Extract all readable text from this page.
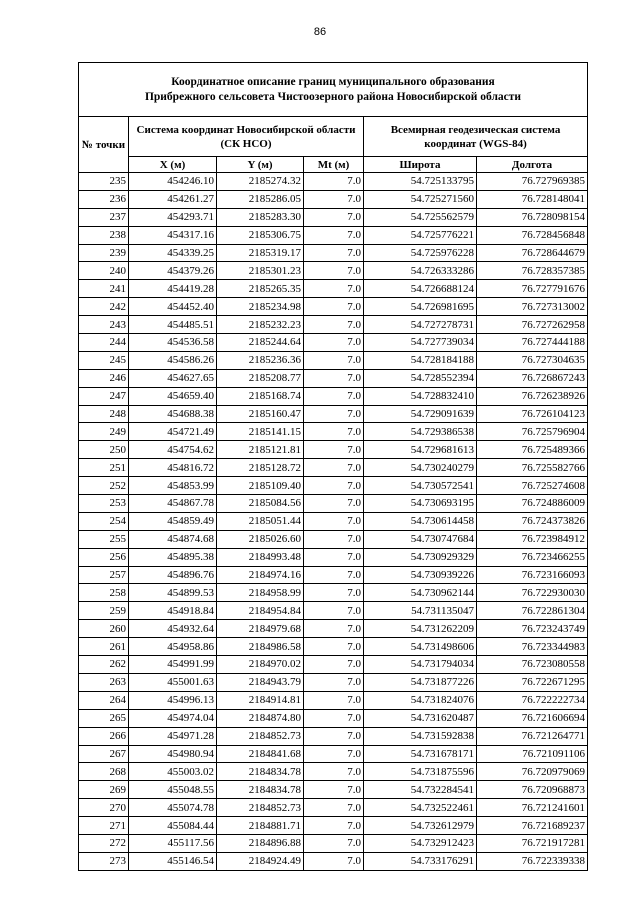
86
Координатное описание границ муниципального образования
Прибрежного сельсовета Чистоозерного района Новосибирской области					

№ точки	Система координат Новосибирской области (СК НСО)			Всемирная геодезическая система координат (WGS-84)	
	X (м)	Y (м)	Mt (м)	Широта	Долгота
235	454246.10	2185274.32	7.0	54.725133795	76.727969385
236	454261.27	2185286.05	7.0	54.725271560	76.728148041
237	454293.71	2185283.30	7.0	54.725562579	76.728098154
238	454317.16	2185306.75	7.0	54.725776221	76.728456848
239	454339.25	2185319.17	7.0	54.725976228	76.728644679
240	454379.26	2185301.23	7.0	54.726333286	76.728357385
241	454419.28	2185265.35	7.0	54.726688124	76.727791676
242	454452.40	2185234.98	7.0	54.726981695	76.727313002
243	454485.51	2185232.23	7.0	54.727278731	76.727262958
244	454536.58	2185244.64	7.0	54.727739034	76.727444188
245	454586.26	2185236.36	7.0	54.728184188	76.727304635
246	454627.65	2185208.77	7.0	54.728552394	76.726867243
247	454659.40	2185168.74	7.0	54.728832410	76.726238926
248	454688.38	2185160.47	7.0	54.729091639	76.726104123
249	454721.49	2185141.15	7.0	54.729386538	76.725796904
250	454754.62	2185121.81	7.0	54.729681613	76.725489366
251	454816.72	2185128.72	7.0	54.730240279	76.725582766
252	454853.99	2185109.40	7.0	54.730572541	76.725274608
253	454867.78	2185084.56	7.0	54.730693195	76.724886009
254	454859.49	2185051.44	7.0	54.730614458	76.724373826
255	454874.68	2185026.60	7.0	54.730747684	76.723984912
256	454895.38	2184993.48	7.0	54.730929329	76.723466255
257	454896.76	2184974.16	7.0	54.730939226	76.723166093
258	454899.53	2184958.99	7.0	54.730962144	76.722930030
259	454918.84	2184954.84	7.0	54.731135047	76.722861304
260	454932.64	2184979.68	7.0	54.731262209	76.723243749
261	454958.86	2184986.58	7.0	54.731498606	76.723344983
262	454991.99	2184970.02	7.0	54.731794034	76.723080558
263	455001.63	2184943.79	7.0	54.731877226	76.722671295
264	454996.13	2184914.81	7.0	54.731824076	76.722222734
265	454974.04	2184874.80	7.0	54.731620487	76.721606694
266	454971.28	2184852.73	7.0	54.731592838	76.721264771
267	454980.94	2184841.68	7.0	54.731678171	76.721091106
268	455003.02	2184834.78	7.0	54.731875596	76.720979069
269	455048.55	2184834.78	7.0	54.732284541	76.720968873
270	455074.78	2184852.73	7.0	54.732522461	76.721241601
271	455084.44	2184881.71	7.0	54.732612979	76.721689237
272	455117.56	2184896.88	7.0	54.732912423	76.721917281
273	455146.54	2184924.49	7.0	54.733176291	76.722339338
